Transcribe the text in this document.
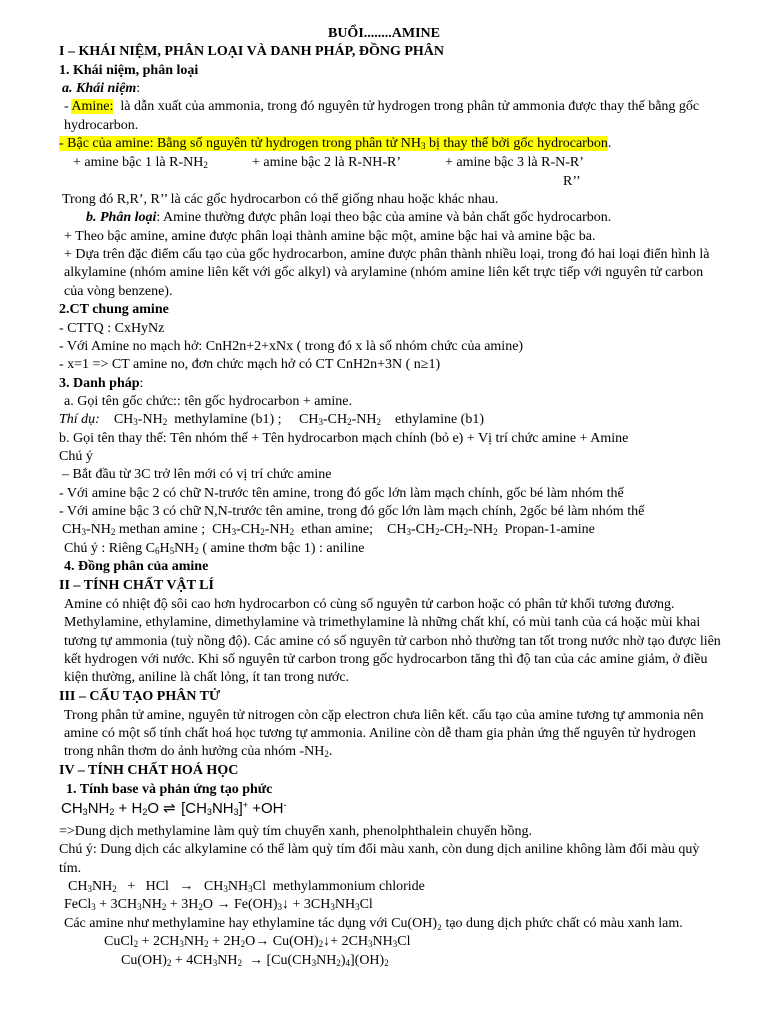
BUỔI........AMINE
I – KHÁI NIỆM, PHÂN LOẠI VÀ DANH PHÁP, ĐỒNG PHÂN
1. Khái niệm, phân loại
a. Khái niệm:
- Amine: là dẫn xuất của ammonia, trong đó nguyên tử hydrogen trong phân tử ammonia được thay thế bằng gốc
hydrocarbon.
- Bậc của amine: Bằng số nguyên tử hydrogen trong phân tử $NH_3$ bị thay thế bởi gốc hydrocarbon.
+ amine bậc 1 là $R-NH_2$	+ amine bậc 2 là R-NH-R’	+ amine bậc 3 là R-N-R’
R’’
Trong đó R,R’, R’’ là các gốc hydrocarbon có thể giống nhau hoặc khác nhau.
b. Phân loại: Amine thường được phân loại theo bậc của amine và bản chất gốc hydrocarbon.
+ Theo bậc amine, amine được phân loại thành amine bậc một, amine bậc hai và amine bậc ba.
+ Dựa trên đặc điểm cấu tạo của gốc hydrocarbon, amine được phân thành nhiều loại, trong đó hai loại điển hình là
alkylamine (nhóm amine liên kết với gốc alkyl) và arylamine (nhóm amine liên kết trực tiếp với nguyên tử carbon
của vòng benzene).
2.CT chung amine
- CTTQ : CxHyNz
- Với Amine no mạch hở: CnH2n+2+xNx ( trong đó x là số nhóm chức của amine)
- x=1 => CT amine no, đơn chức mạch hở có CT CnH2n+3N ( n≥1)
3. Danh pháp:
a. Gọi tên gốc chức:: tên gốc hydrocarbon + amine.
Thí dụ:    $CH_3-NH_2$ methylamine (b1) ;     $CH_3-CH_2-NH_2$ ethylamine (b1)
b. Gọi tên thay thế: Tên nhóm thế + Tên hydrocarbon mạch chính (bỏ e) + Vị trí chức amine + Amine
Chú ý
– Bắt đầu từ 3C trở lên mới có vị trí chức amine
- Với amine bậc 2 có chữ N-trước tên amine, trong đó gốc lớn làm mạch chính, gốc bé làm nhóm thế
- Với amine bậc 3 có chữ N,N-trước tên amine, trong đó gốc lớn làm mạch chính, 2gốc bé làm nhóm thế
$CH_3-NH_2$ methan amine ;  $CH_3-CH_2-NH_2$ ethan amine;    $CH_3-CH_2-CH_2-NH_2$ Propan-1-amine
Chú ý : Riêng $C_6H_5NH_2$ ( amine thơm bậc 1) : aniline
4. Đồng phân của amine
II – TÍNH CHẤT VẬT LÍ
Amine có nhiệt độ sôi cao hơn hydrocarbon có cùng số nguyên tử carbon hoặc có phân tử khối tương đương.
Methylamine, ethylamine, dimethylamine và trimethylamine là những chất khí, có mùi tanh của cá hoặc mùi khai
tương tự ammonia (tuỳ nồng độ). Các amine có số nguyên tử carbon nhỏ thường tan tốt trong nước nhờ tạo được liên
kết hydrogen với nước. Khi số nguyên tử carbon trong gốc hydrocarbon tăng thì độ tan của các amine giảm, ở điều
kiện thường, aniline là chất lỏng, ít tan trong nước.
III – CẤU TẠO PHÂN TỬ
Trong phân tử amine, nguyên tử nitrogen còn cặp electron chưa liên kết. cấu tạo của amine tương tự ammonia nên
amine có một số tính chất hoá học tương tự ammonia. Aniline còn dễ tham gia phản ứng thế nguyên tử hydrogen
trong nhân thơm do ảnh hưởng của nhóm $-NH_2$.
IV – TÍNH CHẤT HOÁ HỌC
1. Tính base và phản ứng tạo phức
$CH_3NH_2 + H_2O$ ⇌  $[CH_3NH_3]^+ +OH^-$
=>Dung dịch methylamine làm quỳ tím chuyển xanh, phenolphthalein chuyển hồng.
Chú ý: Dung dịch các alkylamine có thể làm quỳ tím đổi màu xanh, còn dung dịch aniline không làm đổi màu quỳ
tím.
$CH_3NH_2$   +   HCl   →   $CH_3NH_3Cl$  methylammonium chloride
FeCl$_3$ + $3CH_3NH_2 + 3H_2O$ → $Fe(OH)_3↓ + 3CH_3NH_3Cl$
Các amine như methylamine hay ethylamine tác dụng với Cu(OH)₂ tạo dung dịch phức chất có màu xanh lam.
CuCl$_2$ + $2CH_3NH_2 + 2H_2O\to$ $Cu(OH)_2↓+ 2CH_3NH_3Cl$
$Cu(OH)_2 + 4CH_3NH_2 \to [Cu(CH_3NH_2)_4](OH)_2$
